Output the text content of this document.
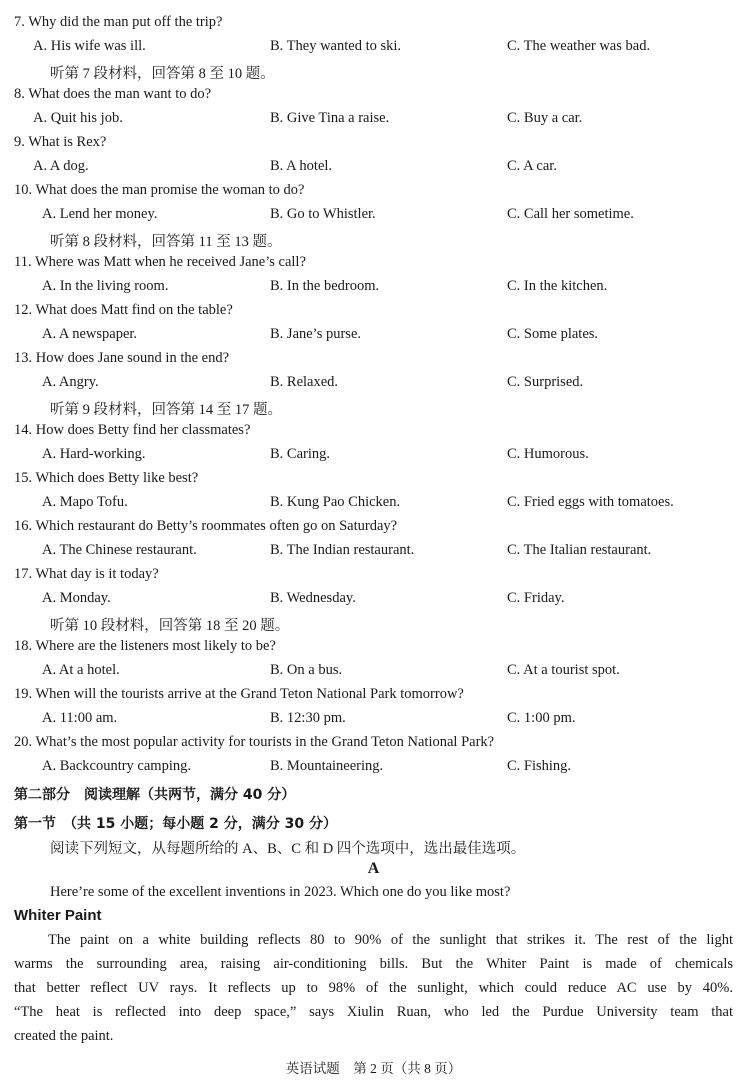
7. Why did the man put off the trip?
A. His wife was ill.	B. They wanted to ski.	C. The weather was bad.
听第 7 段材料，回答第 8 至 10 题。
8. What does the man want to do?
A. Quit his job.	B. Give Tina a raise.	C. Buy a car.
9. What is Rex?
A. A dog.	B. A hotel.	C. A car.
10. What does the man promise the woman to do?
A. Lend her money.	B. Go to Whistler.	C. Call her sometime.
听第 8 段材料，回答第 11 至 13 题。
11. Where was Matt when he received Jane’s call?
A. In the living room.	B. In the bedroom.	C. In the kitchen.
12. What does Matt find on the table?
A. A newspaper.	B. Jane’s purse.	C. Some plates.
13. How does Jane sound in the end?
A. Angry.	B. Relaxed.	C. Surprised.
听第 9 段材料，回答第 14 至 17 题。
14. How does Betty find her classmates?
A. Hard-working.	B. Caring.	C. Humorous.
15. Which does Betty like best?
A. Mapo Tofu.	B. Kung Pao Chicken.	C. Fried eggs with tomatoes.
16. Which restaurant do Betty’s roommates often go on Saturday?
A. The Chinese restaurant.	B. The Indian restaurant.	C. The Italian restaurant.
17. What day is it today?
A. Monday.	B. Wednesday.	C. Friday.
听第 10 段材料，回答第 18 至 20 题。
18. Where are the listeners most likely to be?
A. At a hotel.	B. On a bus.	C. At a tourist spot.
19. When will the tourists arrive at the Grand Teton National Park tomorrow?
A. 11:00 am.	B. 12:30 pm.	C. 1:00 pm.
20. What’s the most popular activity for tourists in the Grand Teton National Park?
A. Backcountry camping.	B. Mountaineering.	C. Fishing.
第二部分　阅读理解（共两节，满分 40 分）
第一节　（共 15 小题；每小题 2 分，满分 30 分）
阅读下列短文，从每题所给的 A、B、C 和 D 四个选项中，选出最佳选项。
A
Here’re some of the excellent inventions in 2023. Which one do you like most?
Whiter Paint
The paint on a white building reflects 80 to 90% of the sunlight that strikes it. The rest of the light
warms the surrounding area, raising air-conditioning bills. But the Whiter Paint is made of chemicals
that better reflect UV rays. It reflects up to 98% of the sunlight, which could reduce AC use by 40%.
“The heat is reflected into deep space,” says Xiulin Ruan, who led the Purdue University team that
created the paint.
英语试题　第 2 页（共 8 页）
